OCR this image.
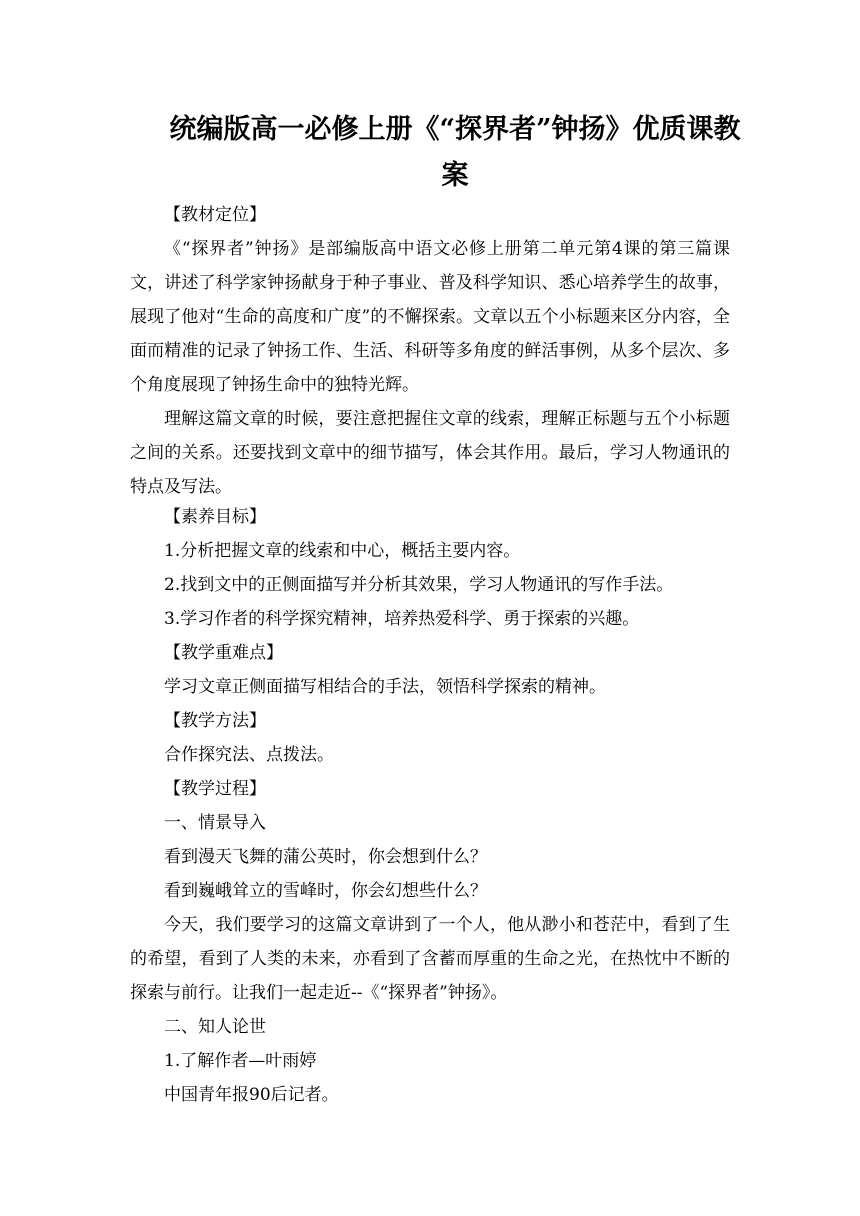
统编版高一必修上册《“探界者”钟扬》优质课教
案

【教材定位】

《“探界者”钟扬》是部编版高中语文必修上册第二单元第4课的第三篇课文，讲述了科学家钟扬献身于种子事业、普及科学知识、悉心培养学生的故事，展现了他对“生命的高度和广度”的不懈探索。文章以五个小标题来区分内容，全面而精准的记录了钟扬工作、生活、科研等多角度的鲜活事例，从多个层次、多个角度展现了钟扬生命中的独特光辉。

理解这篇文章的时候，要注意把握住文章的线索，理解正标题与五个小标题之间的关系。还要找到文章中的细节描写，体会其作用。最后，学习人物通讯的特点及写法。

【素养目标】

1.分析把握文章的线索和中心，概括主要内容。

2.找到文中的正侧面描写并分析其效果，学习人物通讯的写作手法。

3.学习作者的科学探究精神，培养热爱科学、勇于探索的兴趣。

【教学重难点】

学习文章正侧面描写相结合的手法，领悟科学探索的精神。

【教学方法】

合作探究法、点拨法。

【教学过程】

一、情景导入

看到漫天飞舞的蒲公英时，你会想到什么？

看到巍峨耸立的雪峰时，你会幻想些什么？

今天，我们要学习的这篇文章讲到了一个人，他从渺小和苍茫中，看到了生的希望，看到了人类的未来，亦看到了含蓄而厚重的生命之光，在热忱中不断的探索与前行。让我们一起走近--《“探界者”钟扬》。

二、知人论世

1.了解作者—叶雨婷

中国青年报90后记者。
